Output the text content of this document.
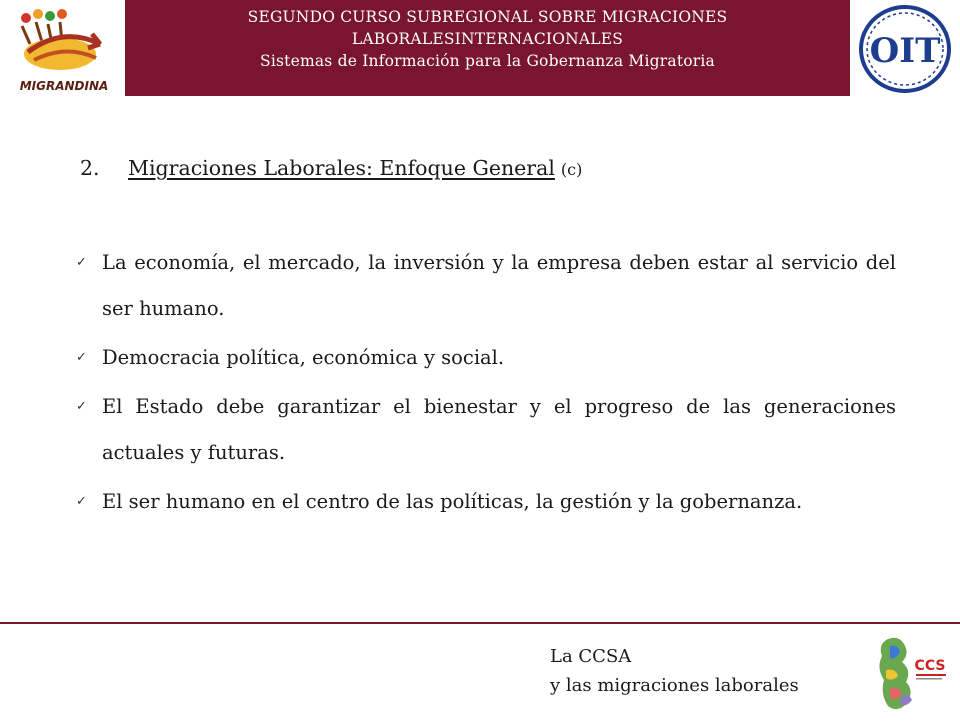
MIGRANDINA
SEGUNDO CURSO SUBREGIONAL SOBRE MIGRACIONES
LABORALESINTERNACIONALES
Sistemas de Información para la Gobernanza Migratoria	OIT
2.	Migraciones Laborales: Enfoque General (c)
✓ La economía, el mercado, la inversión y la empresa deben estar al servicio del ser humano.
✓ Democracia política, económica y social.
✓ El Estado debe garantizar el bienestar y el progreso de las generaciones actuales y futuras.
✓ El ser humano en el centro de las políticas, la gestión y la gobernanza.
La CCSA
y las migraciones laborales
CCS
